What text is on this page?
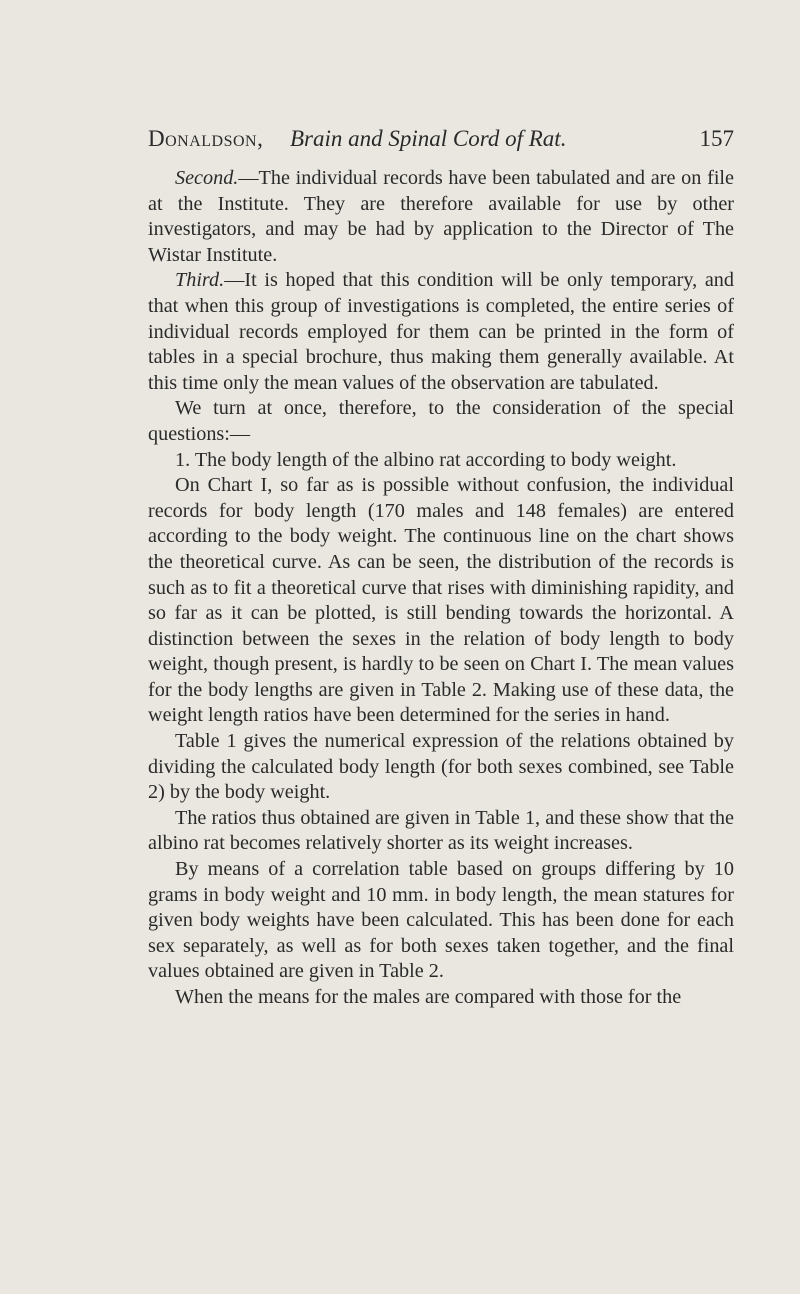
Donaldson, Brain and Spinal Cord of Rat.	157

Second.—The individual records have been tabulated and are on file at the Institute. They are therefore available for use by other investigators, and may be had by application to the Director of The Wistar Institute.

Third.—It is hoped that this condition will be only temporary, and that when this group of investigations is completed, the entire series of individual records employed for them can be printed in the form of tables in a special brochure, thus making them generally available. At this time only the mean values of the observation are tabulated.

We turn at once, therefore, to the consideration of the special questions:—

1. The body length of the albino rat according to body weight.

On Chart I, so far as is possible without confusion, the individual records for body length (170 males and 148 females) are entered according to the body weight. The continuous line on the chart shows the theoretical curve. As can be seen, the distribution of the records is such as to fit a theoretical curve that rises with diminishing rapidity, and so far as it can be plotted, is still bending towards the horizontal. A distinction between the sexes in the relation of body length to body weight, though present, is hardly to be seen on Chart I. The mean values for the body lengths are given in Table 2. Making use of these data, the weight length ratios have been determined for the series in hand.

Table 1 gives the numerical expression of the relations obtained by dividing the calculated body length (for both sexes combined, see Table 2) by the body weight.

The ratios thus obtained are given in Table 1, and these show that the albino rat becomes relatively shorter as its weight increases.

By means of a correlation table based on groups differing by 10 grams in body weight and 10 mm. in body length, the mean statures for given body weights have been calculated. This has been done for each sex separately, as well as for both sexes taken together, and the final values obtained are given in Table 2.

When the means for the males are compared with those for the
